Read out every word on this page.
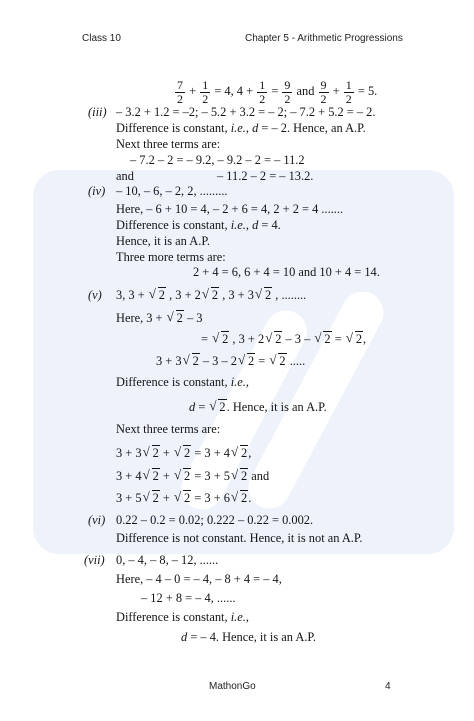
Class 10	Chapter 5 - Arithmetic Progressions
$\frac{7}{2} + \frac{1}{2} = 4$, $4 + \frac{1}{2} = \frac{9}{2}$ and $\frac{9}{2} + \frac{1}{2} = 5$.
(iii) – 3.2 + 1.2 = –2; – 5.2 + 3.2 = – 2; – 7.2 + 5.2 = – 2.
Difference is constant, i.e., d = – 2. Hence, an A.P.
Next three terms are:
– 7.2 – 2 = – 9.2, – 9.2 – 2 = – 11.2
and	– 11.2 – 2 = – 13.2.
(iv) – 10, – 6, – 2, 2, .........
Here, – 6 + 10 = 4, – 2 + 6 = 4, 2 + 2 = 4 .......
Difference is constant, i.e., d = 4.
Hence, it is an A.P.
Three more terms are:
2 + 4 = 6, 6 + 4 = 10 and 10 + 4 = 14.
(v) 3, 3 + √ 2 , 3 + 2 √ 2 , 3 + 3 √ 2 , ........
Here, 3 + √ 2 – 3
= √ 2 , 3 + 2 √ 2 – 3 – √ 2 = √ 2,
3 + 3 √ 2 – 3 – 2 √ 2 = √ 2 .....
Difference is constant, i.e.,
d = √ 2. Hence, it is an A.P.
Next three terms are:
3 + 3 √ 2 + √ 2 = 3 + 4 √ 2,
3 + 4 √ 2 + √ 2 = 3 + 5 √ 2 and
3 + 5 √ 2 + √ 2 = 3 + 6 √ 2.
(vi) 0.22 – 0.2 = 0.02; 0.222 – 0.22 = 0.002.
Difference is not constant. Hence, it is not an A.P.
(vii) 0, – 4, – 8, – 12, ......
Here, – 4 – 0 = – 4, – 8 + 4 = – 4,
– 12 + 8 = – 4, ......
Difference is constant, i.e.,
d = – 4. Hence, it is an A.P.
MathonGo	4
